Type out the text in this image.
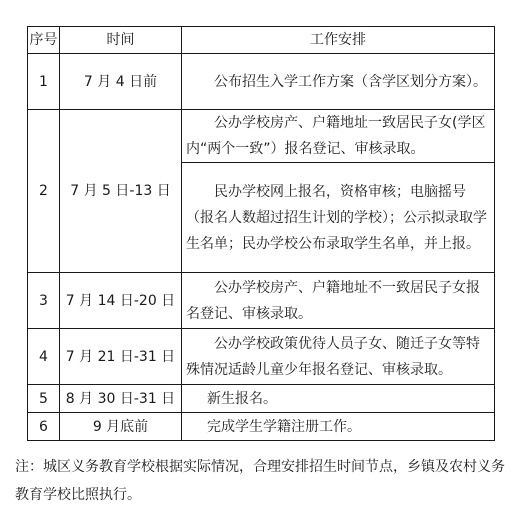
序号	时间	工作安排
1	7 月 4 日前	公布招生入学工作方案（含学区划分方案）。

2	7 月 5 日-13 日	公办学校房产、户籍地址一致居民子女(学区内“两个一致”）报名登记、审核录取。

		民办学校网上报名，资格审核；电脑摇号（报名人数超过招生计划的学校）；公示拟录取学生名单；民办学校公布录取学生名单，并上报。

3	7 月 14 日-20 日	公办学校房产、户籍地址不一致居民子女报名登记、审核录取。

4	7 月 21 日-31 日	公办学校政策优待人员子女、随迁子女等特殊情况适龄儿童少年报名登记、审核录取。

5	8 月 30 日-31 日	新生报名。

6	9 月底前	完成学生学籍注册工作。
注：城区义务教育学校根据实际情况，合理安排招生时间节点，乡镇及农村义务教育学校比照执行。
